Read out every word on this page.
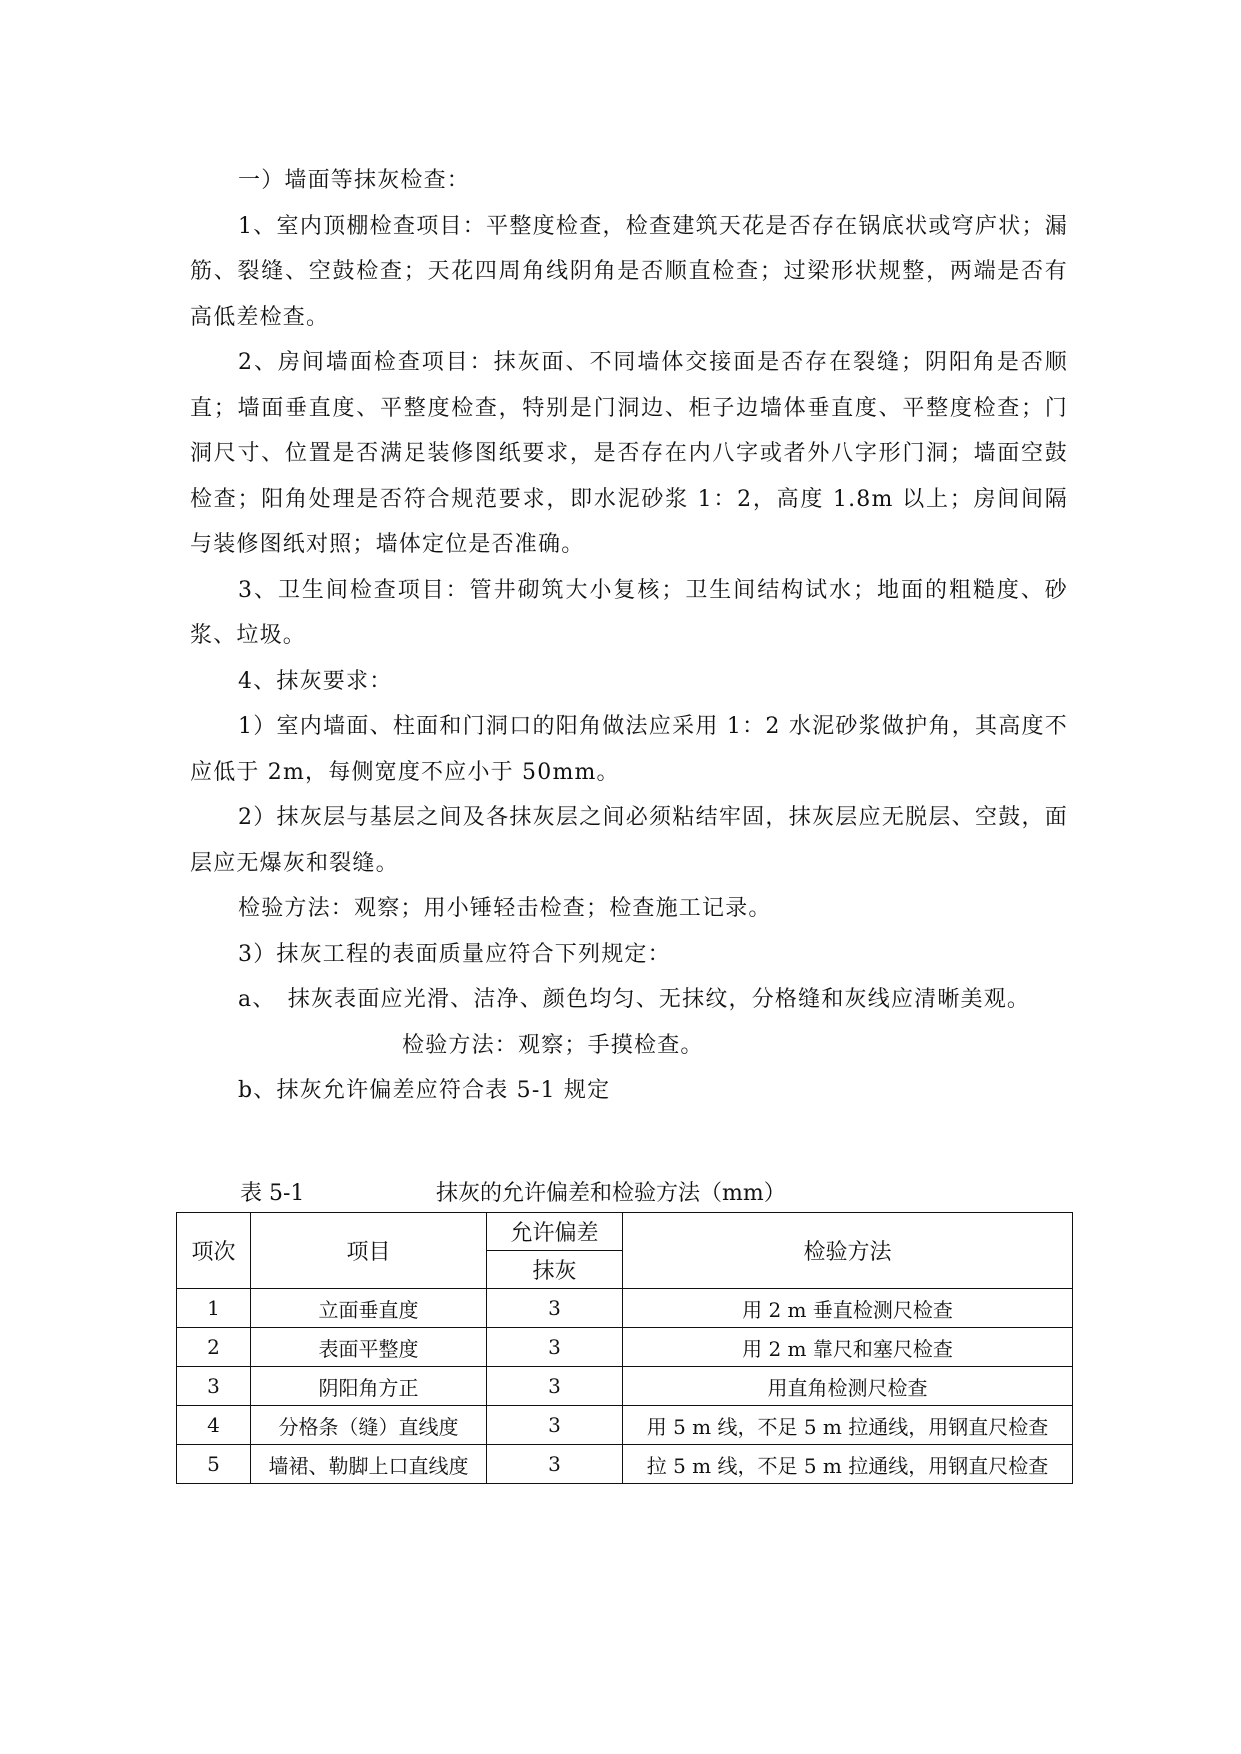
一）墙面等抹灰检查：

1、室内顶棚检查项目：平整度检查，检查建筑天花是否存在锅底状或穹庐状；漏筋、裂缝、空鼓检查；天花四周角线阴角是否顺直检查；过梁形状规整，两端是否有高低差检查。

2、房间墙面检查项目：抹灰面、不同墙体交接面是否存在裂缝；阴阳角是否顺直；墙面垂直度、平整度检查，特别是门洞边、柜子边墙体垂直度、平整度检查；门洞尺寸、位置是否满足装修图纸要求，是否存在内八字或者外八字形门洞；墙面空鼓检查；阳角处理是否符合规范要求，即水泥砂浆 1：2，高度 1.8m 以上；房间间隔与装修图纸对照；墙体定位是否准确。

3、卫生间检查项目：管井砌筑大小复核；卫生间结构试水；地面的粗糙度、砂浆、垃圾。

4、抹灰要求：

1）室内墙面、柱面和门洞口的阳角做法应采用 1：2 水泥砂浆做护角，其高度不应低于 2m，每侧宽度不应小于 50mm。

2）抹灰层与基层之间及各抹灰层之间必须粘结牢固，抹灰层应无脱层、空鼓，面层应无爆灰和裂缝。

检验方法：观察；用小锤轻击检查；检查施工记录。

3）抹灰工程的表面质量应符合下列规定：

a、　抹灰表面应光滑、洁净、颜色均匀、无抹纹，分格缝和灰线应清晰美观。

检验方法：观察；手摸检查。

b、抹灰允许偏差应符合表 5-1 规定

表 5-1	抹灰的允许偏差和检验方法（mm）
项次	项目	允许偏差	检验方法
		抹灰	
1	立面垂直度	3	用 2 m 垂直检测尺检查
2	表面平整度	3	用 2 m 靠尺和塞尺检查
3	阴阳角方正	3	用直角检测尺检查
4	分格条（缝）直线度	3	用 5 m 线，不足 5 m 拉通线，用钢直尺检查
5	墙裙、勒脚上口直线度	3	拉 5 m 线，不足 5 m 拉通线，用钢直尺检查
